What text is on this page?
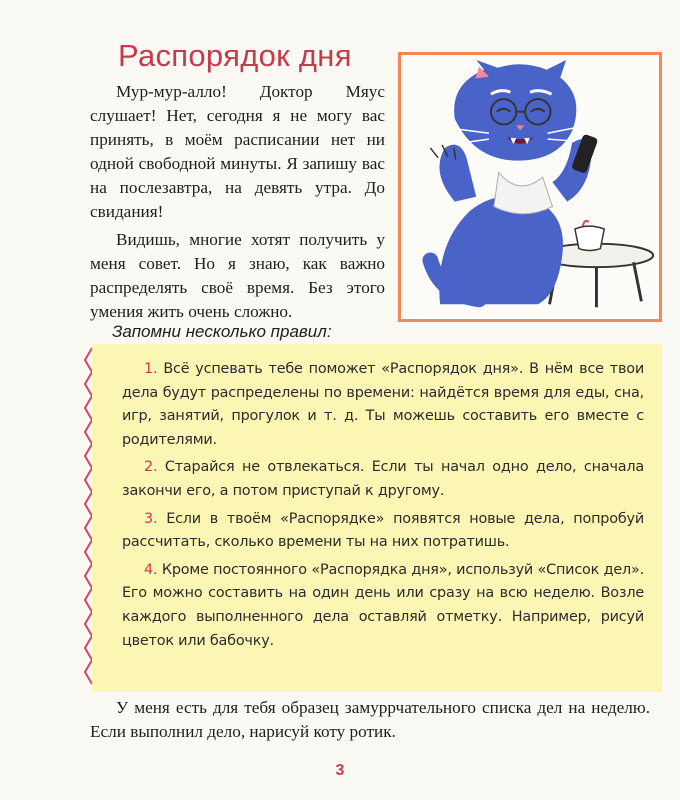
Распорядок дня

Мур-мур-алло! Доктор Мяус слушает! Нет, сегодня я не могу вас принять, в моём расписании нет ни одной свободной минуты. Я запишу вас на послезавтра, на девять утра. До свидания!

Видишь, многие хотят получить у меня совет. Но я знаю, как важно распределять своё время. Без этого умения жить очень сложно.

Запомни несколько правил:

1. Всё успевать тебе поможет «Распорядок дня». В нём все твои дела будут распределены по времени: найдётся время для еды, сна, игр, занятий, прогулок и т. д. Ты можешь составить его вместе с родителями.

2. Старайся не отвлекаться. Если ты начал одно дело, сначала закончи его, а потом приступай к другому.

3. Если в твоём «Распорядке» появятся новые дела, попробуй рассчитать, сколько времени ты на них потратишь.

4. Кроме постоянного «Распорядка дня», используй «Список дел». Его можно составить на один день или сразу на всю неделю. Возле каждого выполненного дела оставляй отметку. Например, рисуй цветок или бабочку.

У меня есть для тебя образец замуррчательного списка дел на неделю. Если выполнил дело, нарисуй коту ротик.

3
